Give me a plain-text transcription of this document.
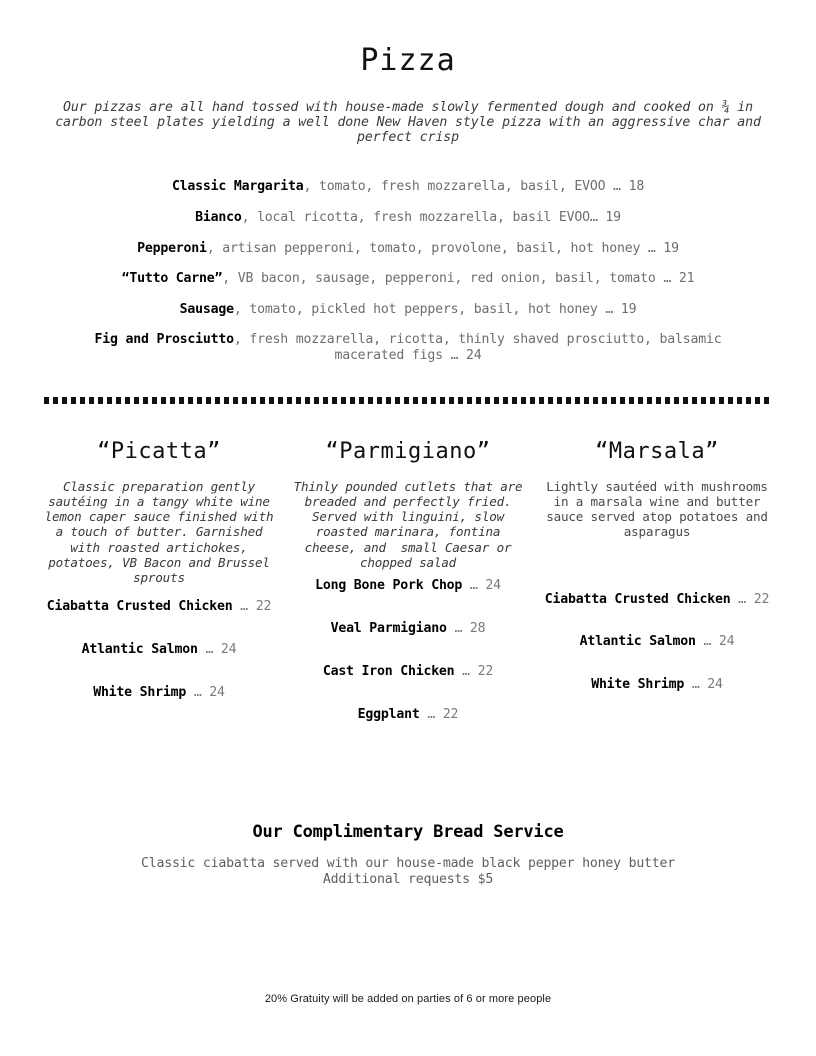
Pizza

Our pizzas are all hand tossed with house-made slowly fermented dough and cooked on ¾ in carbon steel plates yielding a well done New Haven style pizza with an aggressive char and perfect crisp

Classic Margarita, tomato, fresh mozzarella, basil, EVOO … 18
Bianco, local ricotta, fresh mozzarella, basil EVOO… 19
Pepperoni, artisan pepperoni, tomato, provolone, basil, hot honey … 19
“Tutto Carne”, VB bacon, sausage, pepperoni, red onion, basil, tomato … 21
Sausage, tomato, pickled hot peppers, basil, hot honey … 19
Fig and Prosciutto, fresh mozzarella, ricotta, thinly shaved prosciutto, balsamic macerated figs … 24
“Picatta”

Classic preparation gently sautéing in a tangy white wine lemon caper sauce finished with a touch of butter. Garnished with roasted artichokes, potatoes, VB Bacon and Brussel sprouts

Ciabatta Crusted Chicken … 22
Atlantic Salmon … 24
White Shrimp … 24
“Parmigiano”

Thinly pounded cutlets that are breaded and perfectly fried.  Served with linguini, slow roasted marinara, fontina cheese, and  small Caesar or chopped salad

Long Bone Pork Chop … 24
Veal Parmigiano … 28
Cast Iron Chicken … 22
Eggplant … 22
“Marsala”

Lightly sautéed with mushrooms in a marsala wine and butter sauce served atop potatoes and asparagus

Ciabatta Crusted Chicken … 22
Atlantic Salmon … 24
White Shrimp … 24
Our Complimentary Bread Service
Classic ciabatta served with our house-made black pepper honey butter
Additional requests $5
20% Gratuity will be added on parties of 6 or more people
